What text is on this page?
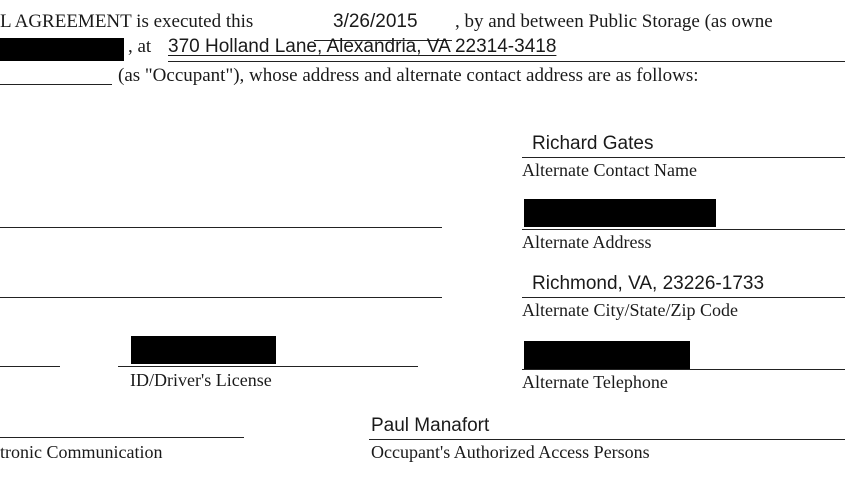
L AGREEMENT is executed this	3/26/2015 , by and between Public Storage (as owne
, at 370 Holland Lane, Alexandria, VA 22314-3418
(as "Occupant"), whose address and alternate contact address are as follows:
Richard Gates
Alternate Contact Name
Alternate Address
Richmond, VA, 23226-1733
Alternate City/State/Zip Code
Alternate Telephone
ID/Driver's License
tronic Communication
Paul Manafort
Occupant's Authorized Access Persons
